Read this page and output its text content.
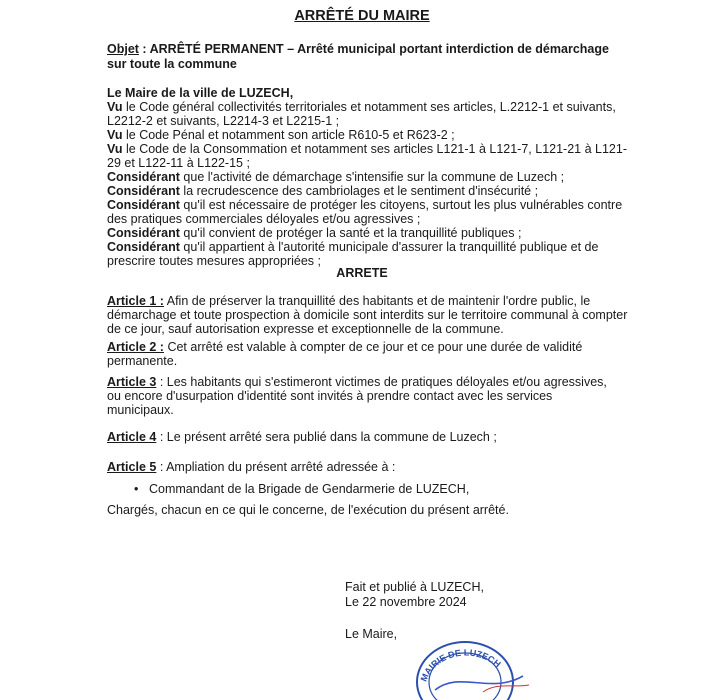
ARRÊTÉ DU MAIRE
Objet : ARRÊTÉ PERMANENT – Arrêté municipal portant interdiction de démarchage
sur toute la commune
Le Maire de la ville de LUZECH,
Vu le Code général collectivités territoriales et notamment ses articles, L.2212-1 et suivants,
L2212-2 et suivants, L2214-3 et L2215-1 ;
Vu le Code Pénal et notamment son article R610-5 et R623-2 ;
Vu le Code de la Consommation et notamment ses articles L121-1 à L121-7, L121-21 à L121-
29 et L122-11 à L122-15 ;
Considérant que l'activité de démarchage s'intensifie sur la commune de Luzech ;
Considérant la recrudescence des cambriolages et le sentiment d'insécurité ;
Considérant qu'il est nécessaire de protéger les citoyens, surtout les plus vulnérables contre
des pratiques commerciales déloyales et/ou agressives ;
Considérant qu'il convient de protéger la santé et la tranquillité publiques ;
Considérant qu'il appartient à l'autorité municipale d'assurer la tranquillité publique et de
prescrire toutes mesures appropriées ;
ARRETE
Article 1 : Afin de préserver la tranquillité des habitants et de maintenir l'ordre public, le
démarchage et toute prospection à domicile sont interdits sur le territoire communal à compter
de ce jour, sauf autorisation expresse et exceptionnelle de la commune.
Article 2 : Cet arrêté est valable à compter de ce jour et ce pour une durée de validité
permanente.
Article 3 : Les habitants qui s'estimeront victimes de pratiques déloyales et/ou agressives,
ou encore d'usurpation d'identité sont invités à prendre contact avec les services
municipaux.
Article 4 : Le présent arrêté sera publié dans la commune de Luzech ;
Article 5 : Ampliation du présent arrêté adressée à :
• Commandant de la Brigade de Gendarmerie de LUZECH,
Chargés, chacun en ce qui le concerne, de l'exécution du présent arrêté.
Fait et publié à LUZECH,
Le 22 novembre 2024
Le Maire,
MAIRIE DE LUZECH
